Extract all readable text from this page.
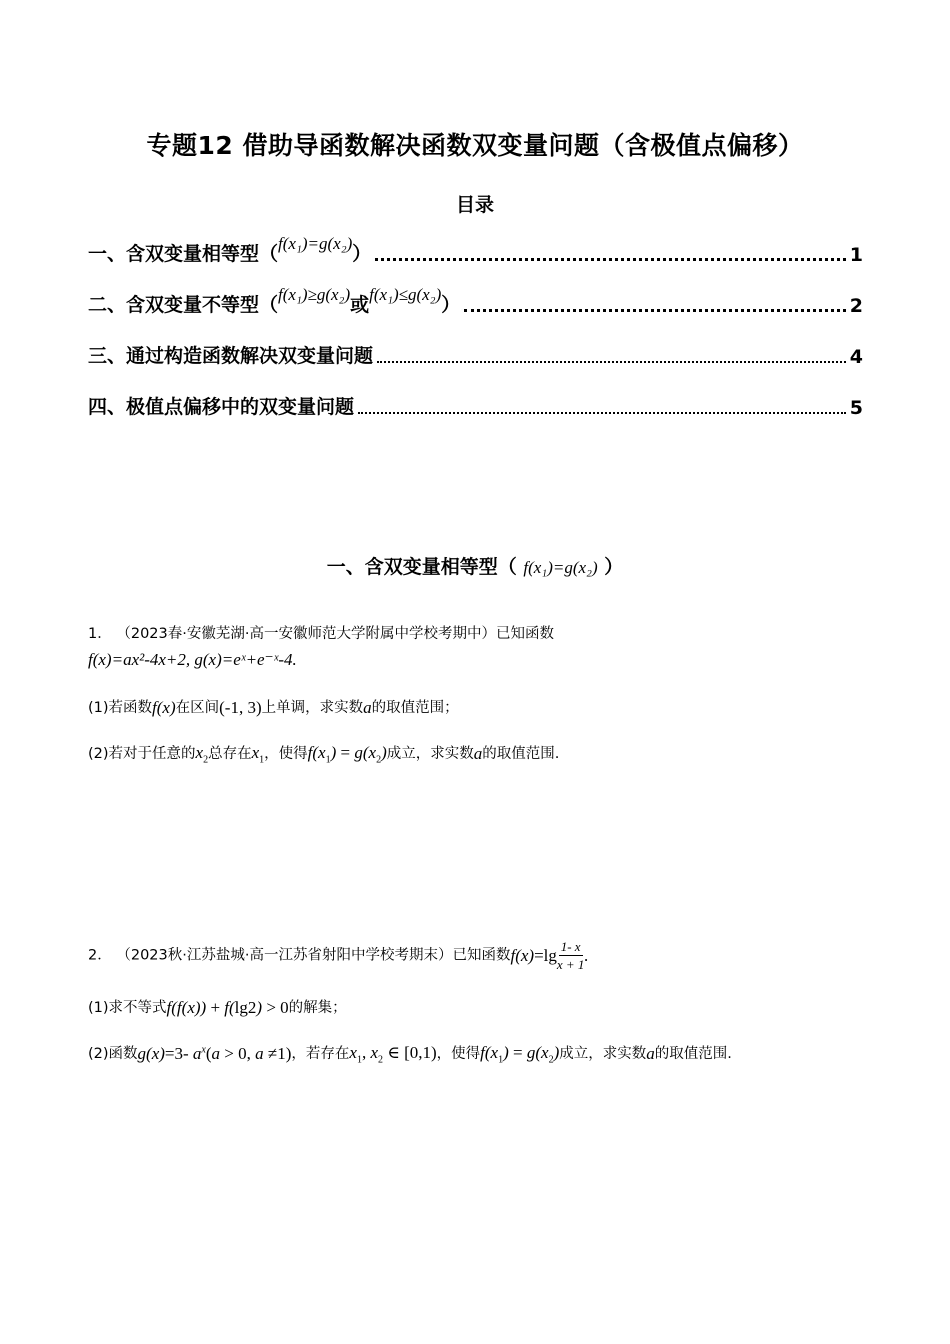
专题12 借助导函数解决函数双变量问题（含极值点偏移）
目录
一、含双变量相等型（ f(x₁)=g(x₂) ）	1
二、含双变量不等型（ f(x₁)≥g(x₂) 或 f(x₁)≤g(x₂) ）	2
三、通过构造函数解决双变量问题	4
四、极值点偏移中的双变量问题	5
一、含双变量相等型（ f(x₁)=g(x₂) ）
1． （2023春·安徽芜湖·高一安徽师范大学附属中学校考期中）已知函数
f(x)=ax²-4x+2, g(x)=eˣ+e⁻ˣ-4.
(1)若函数f(x)在区间(-1, 3)上单调，求实数a的取值范围；
(2)若对于任意的$x_2$总存在$x_1$，使得$f(x_1) = g(x_2)$成立，求实数a的取值范围.
2． （2023秋·江苏盐城·高一江苏省射阳中学校考期末）已知函数$f(x)=\lg \frac{1- x}{x + 1}$ .
(1)求不等式f(f(x)) + f(lg2) > 0的解集；
(2)函数g(x)=3- $a^x(a > 0$, a ≠1)，若存在$x_1$, $x_2$ ∈ [0,1)，使得$f(x_1) = g(x_2)$成立，求实数a的取值范围.
